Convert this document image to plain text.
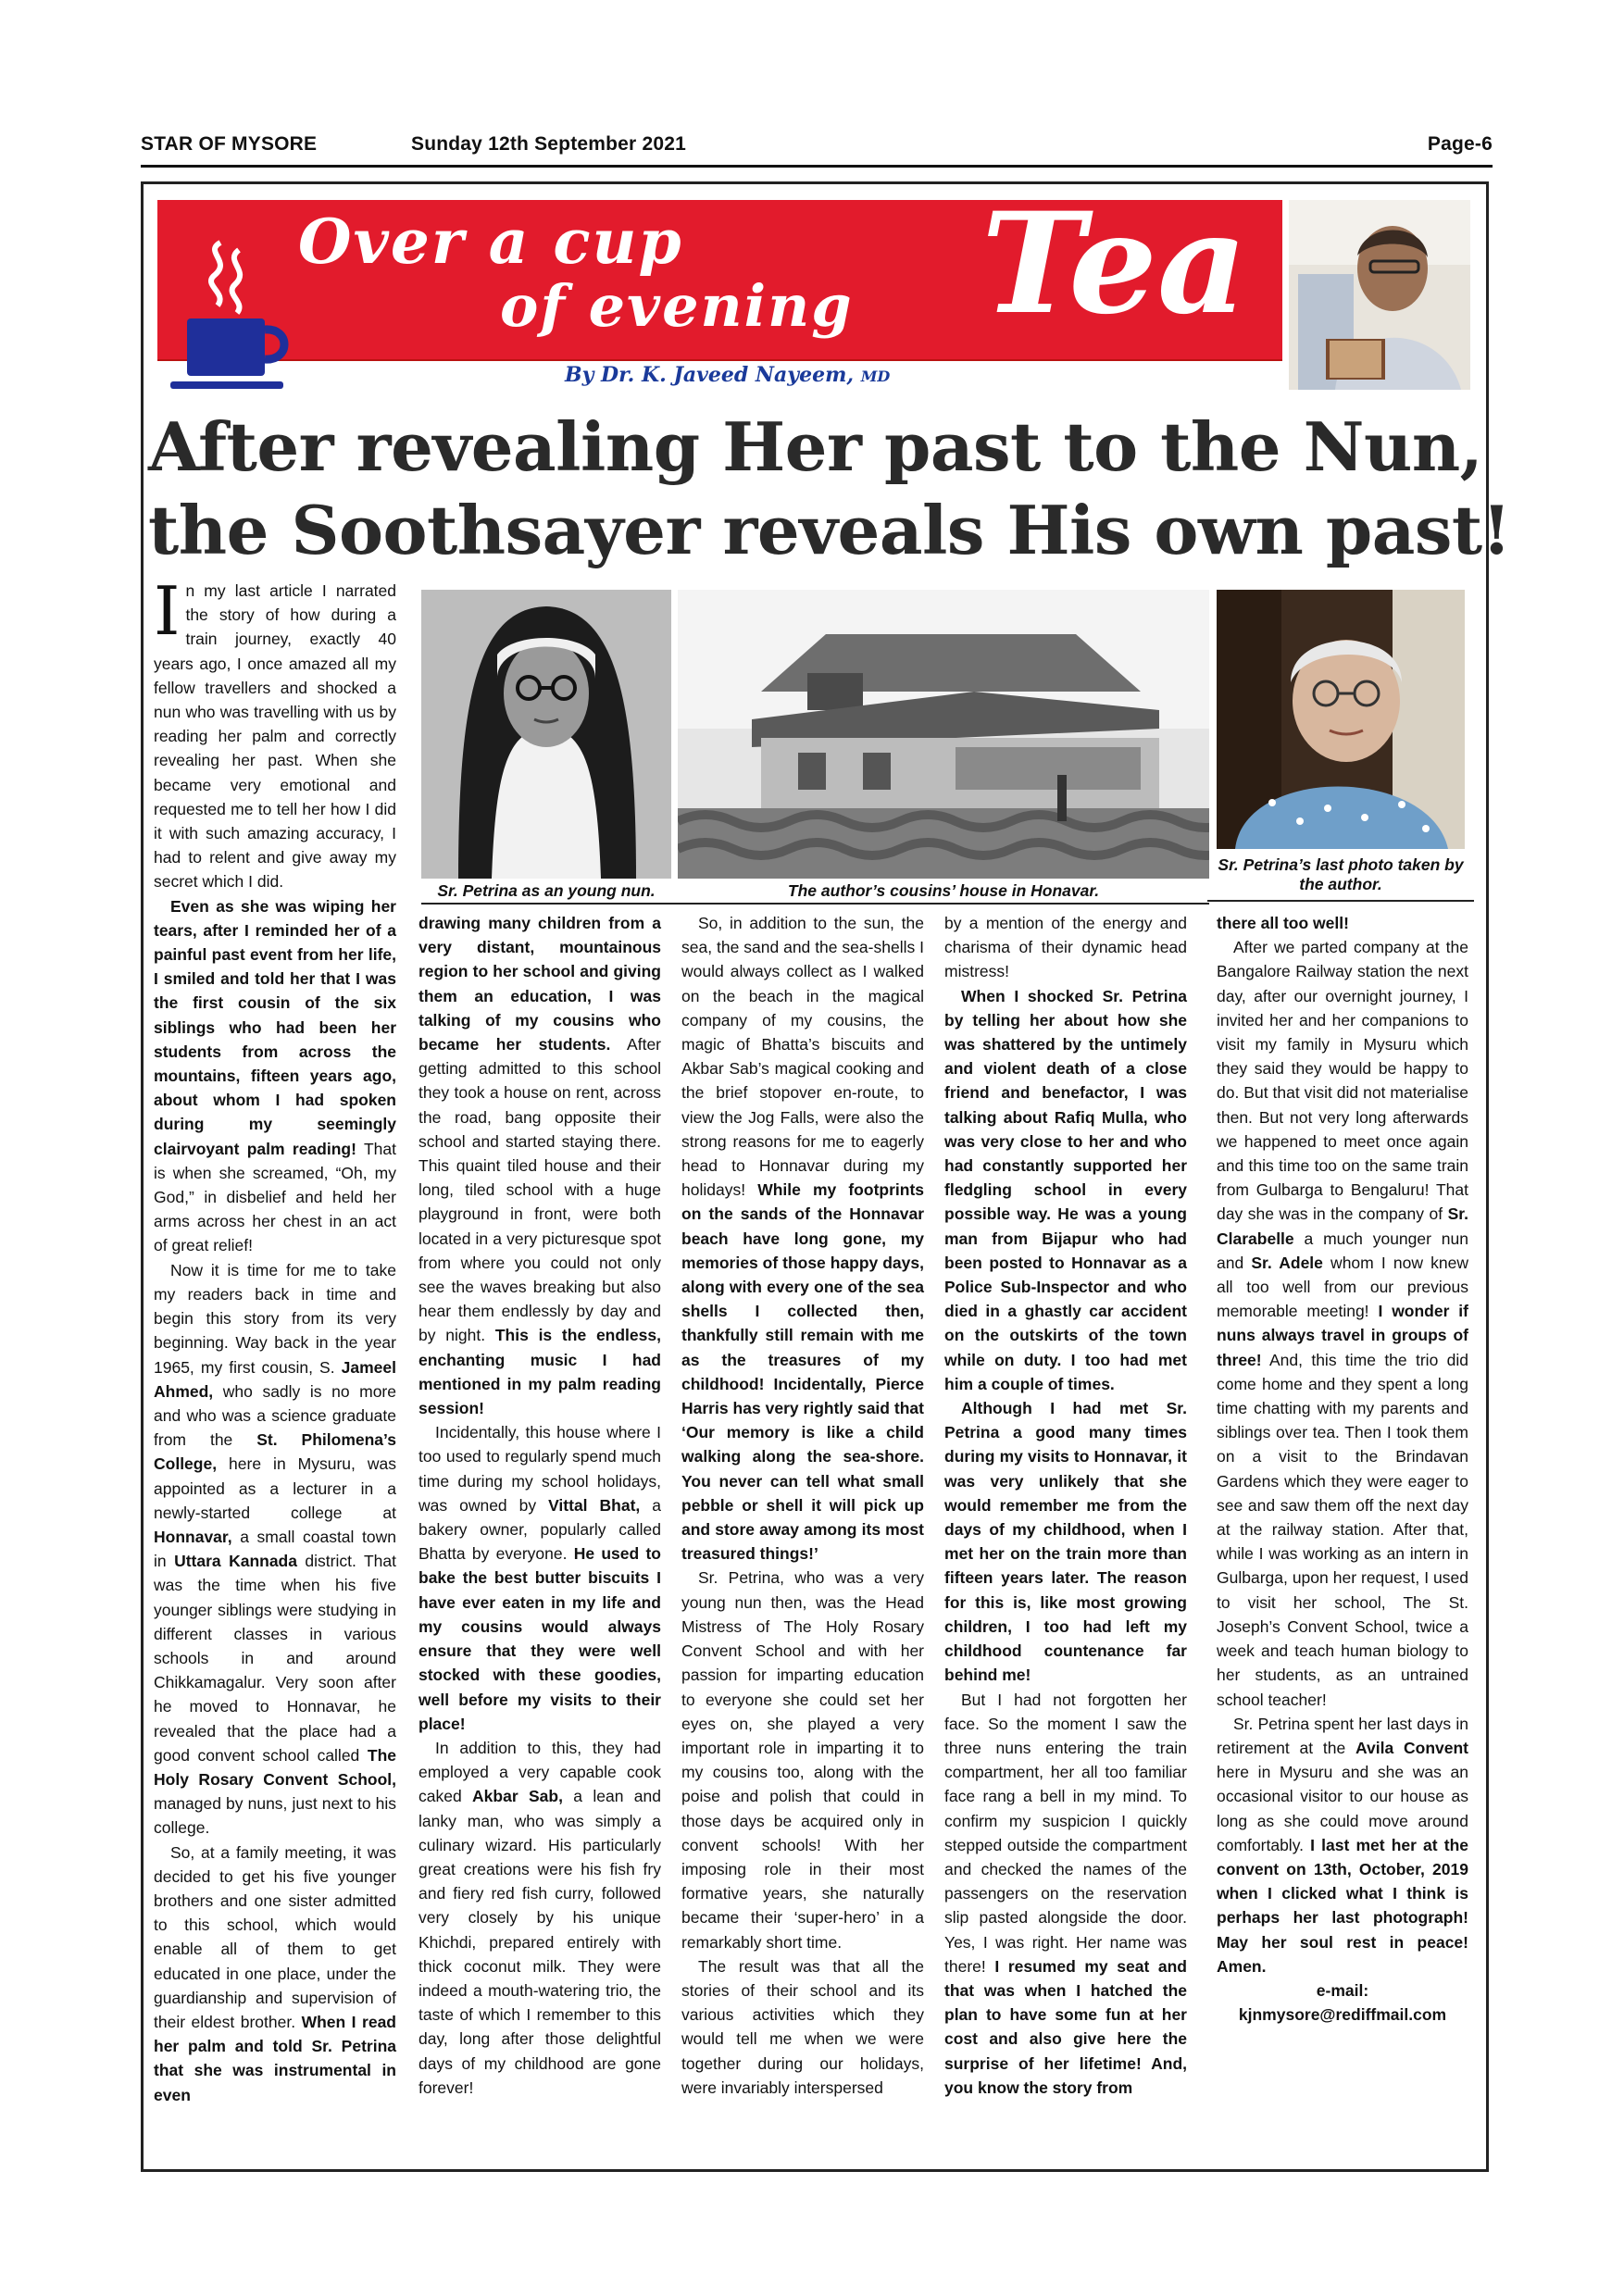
STAR OF MYSORE	Sunday 12th September 2021	Page-6
Over a cup
of evening Tea
By Dr. K. Javeed Nayeem, MD
After revealing Her past to the Nun,
the Soothsayer reveals His own past!
Sr. Petrina as an young nun.	The author’s cousins’ house in Honavar.
Sr. Petrina’s last photo taken by the author.

In my last article I narrated the story of how during a train journey, exactly 40 years ago, I once amazed all my fellow travellers and shocked a nun who was travelling with us by reading her palm and correctly revealing her past. When she became very emotional and requested me to tell her how I did it with such amazing accuracy, I had to relent and give away my secret which I did.

Even as she was wiping her tears, after I reminded her of a painful past event from her life, I smiled and told her that I was the first cousin of the six siblings who had been her students from across the mountains, fifteen years ago, about whom I had spoken during my seemingly clairvoyant palm reading! That is when she screamed, “Oh, my God,” in disbelief and held her arms across her chest in an act of great relief!

Now it is time for me to take my readers back in time and begin this story from its very beginning. Way back in the year 1965, my first cousin, S. Jameel Ahmed, who sadly is no more and who was a science graduate from the St. Philomena’s College, here in Mysuru, was appointed as a lecturer in a newly-started college at Honnavar, a small coastal town in Uttara Kannada district. That was the time when his five younger siblings were studying in different classes in various schools in and around Chikkamagalur. Very soon after he moved to Honnavar, he revealed that the place had a good convent school called The Holy Rosary Convent School, managed by nuns, just next to his college.

So, at a family meeting, it was decided to get his five younger brothers and one sister admitted to this school, which would enable all of them to get educated in one place, under the guardianship and supervision of their eldest brother. When I read her palm and told Sr. Petrina that she was instrumental in even

drawing many children from a very distant, mountainous region to her school and giving them an education, I was talking of my cousins who became her students. After getting admitted to this school they took a house on rent, across the road, bang opposite their school and started staying there. This quaint tiled house and their long, tiled school with a huge playground in front, were both located in a very picturesque spot from where you could not only see the waves breaking but also hear them endlessly by day and by night. This is the endless, enchanting music I had mentioned in my palm reading session!

Incidentally, this house where I too used to regularly spend much time during my school holidays, was owned by Vittal Bhat, a bakery owner, popularly called Bhatta by everyone. He used to bake the best butter biscuits I have ever eaten in my life and my cousins would always ensure that they were well stocked with these goodies, well before my visits to their place!

In addition to this, they had employed a very capable cook caked Akbar Sab, a lean and lanky man, who was simply a culinary wizard. His particularly great creations were his fish fry and fiery red fish curry, followed very closely by his unique Khichdi, prepared entirely with thick coconut milk. They were indeed a mouth-watering trio, the taste of which I remember to this day, long after those delightful days of my childhood are gone forever!

So, in addition to the sun, the sea, the sand and the sea-shells I would always collect as I walked on the beach in the magical company of my cousins, the magic of Bhatta’s biscuits and Akbar Sab’s magical cooking and the brief stopover en-route, to view the Jog Falls, were also the strong reasons for me to eagerly head to Honnavar during my holidays! While my footprints on the sands of the Honnavar beach have long gone, my memories of those happy days, along with every one of the sea shells I collected then, thankfully still remain with me as the treasures of my childhood! Incidentally, Pierce Harris has very rightly said that ‘Our memory is like a child walking along the sea-shore. You never can tell what small pebble or shell it will pick up and store away among its most treasured things!’

Sr. Petrina, who was a very young nun then, was the Head Mistress of The Holy Rosary Convent School and with her passion for imparting education to everyone she could set her eyes on, she played a very important role in imparting it to my cousins too, along with the poise and polish that could in those days be acquired only in convent schools! With her imposing role in their most formative years, she naturally became their ‘super-hero’ in a remarkably short time.

The result was that all the stories of their school and its various activities which they would tell me when we were together during our holidays, were invariably interspersed

by a mention of the energy and charisma of their dynamic head mistress!

When I shocked Sr. Petrina by telling her about how she was shattered by the untimely and violent death of a close friend and benefactor, I was talking about Rafiq Mulla, who was very close to her and who had constantly supported her fledgling school in every possible way. He was a young man from Bijapur who had been posted to Honnavar as a Police Sub-Inspector and who died in a ghastly car accident on the outskirts of the town while on duty. I too had met him a couple of times.

Although I had met Sr. Petrina a good many times during my visits to Honnavar, it was very unlikely that she would remember me from the days of my childhood, when I met her on the train more than fifteen years later. The reason for this is, like most growing children, I too had left my childhood countenance far behind me!

But I had not forgotten her face. So the moment I saw the three nuns entering the train compartment, her all too familiar face rang a bell in my mind. To confirm my suspicion I quickly stepped outside the compartment and checked the names of the passengers on the reservation slip pasted alongside the door. Yes, I was right. Her name was there! I resumed my seat and that was when I hatched the plan to have some fun at her cost and also give here the surprise of her lifetime! And, you know the story from

there all too well!

After we parted company at the Bangalore Railway station the next day, after our overnight journey, I invited her and her companions to visit my family in Mysuru which they said they would be happy to do. But that visit did not materialise then. But not very long afterwards we happened to meet once again and this time too on the same train from Gulbarga to Bengaluru! That day she was in the company of Sr. Clarabelle a much younger nun and Sr. Adele whom I now knew all too well from our previous memorable meeting! I wonder if nuns always travel in groups of three! And, this time the trio did come home and they spent a long time chatting with my parents and siblings over tea. Then I took them on a visit to the Brindavan Gardens which they were eager to see and saw them off the next day at the railway station. After that, while I was working as an intern in Gulbarga, upon her request, I used to visit her school, The St. Joseph’s Convent School, twice a week and teach human biology to her students, as an untrained school teacher!

Sr. Petrina spent her last days in retirement at the Avila Convent here in Mysuru and she was an occasional visitor to our house as long as she could move around comfortably. I last met her at the convent on 13th, October, 2019 when I clicked what I think is perhaps her last photograph! May her soul rest in peace! Amen.

e-mail:
kjnmysore@rediffmail.com
